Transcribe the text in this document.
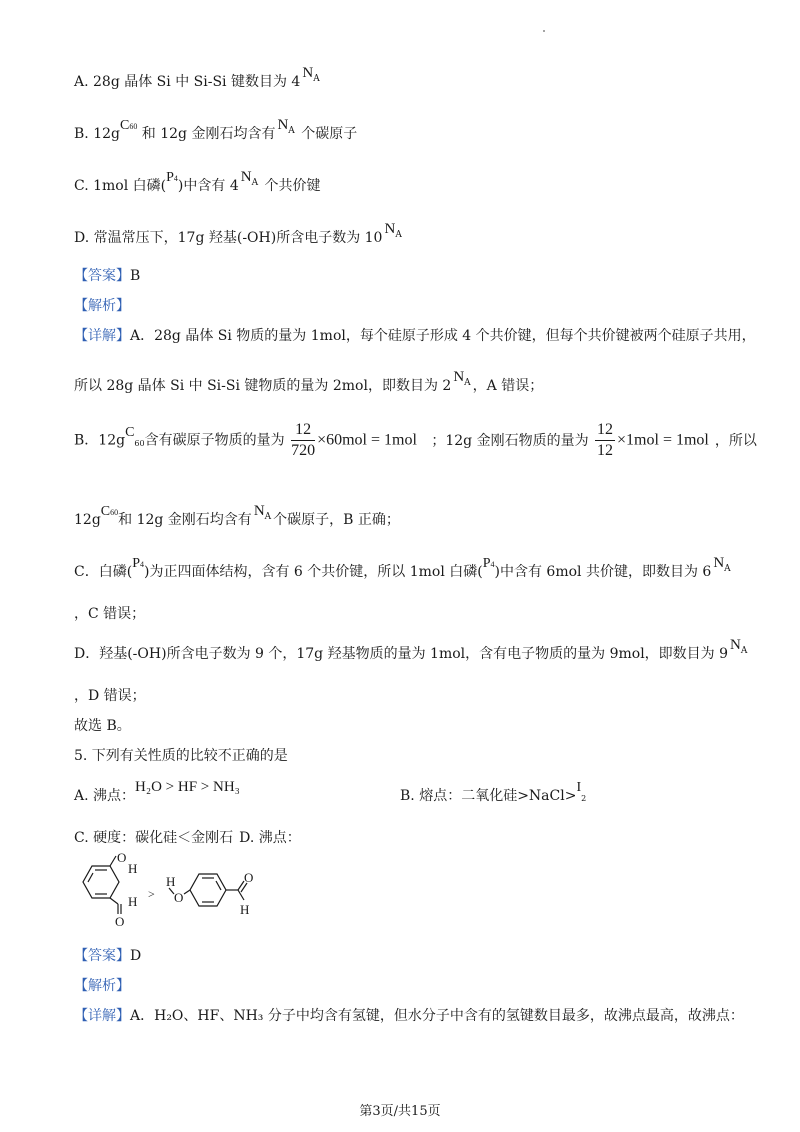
A. 28g 晶体 Si 中 Si-Si 键数目为 $4N^A$
B. $12gC^{60}$ 和 12g 金刚石均含有$N^A$ 个碳原子
C. 1mol 白磷$(P^4)$中含有 $4N^A$ 个共价键
D. 常温常压下，17g 羟基(-OH)所含电子数为 $10N^A$
【答案】B
【解析】
【详解】A．28g 晶体 Si 物质的量为 1mol，每个硅原子形成 4 个共价键，但每个共价键被两个硅原子共用，
所以 28g 晶体 Si 中 Si-Si 键物质的量为 2mol，即数目为 $2N^A$ ，A 错误；
B．12gC60含有碳原子物质的量为 $\frac{12}{720} \times 60mol = 1mol$ ；12g 金刚石物质的量为 $\frac{12}{12} \times 1mol = 1mol$ ，所以
$12gC^{60}$和 12g 金刚石均含有$N^A$ 个碳原子，B 正确；
C．白磷$(P^4)$为正四面体结构，含有 6 个共价键，所以 1mol 白磷$(P^4)$中含有 6mol 共价键，即数目为 $6N^A$
，C 错误；
D．羟基(-OH)所含电子数为 9 个，17g 羟基物质的量为 1mol，含有电子物质的量为 9mol，即数目为 $9N^A$
，D 错误；
故选 B。
5. 下列有关性质的比较不正确的是
A. 沸点：H₂O > HF > NH₃
B. 熔点：二氧化硅>NaCl>I2
C. 硬度：碳化硅＜金刚石 D. 沸点：
O
H
H
O
>
H
O
O
H
【答案】D
【解析】
【详解】A．H₂O、HF、NH₃ 分子中均含有氢键，但水分子中含有的氢键数目最多，故沸点最高，故沸点：
第3页/共15页
